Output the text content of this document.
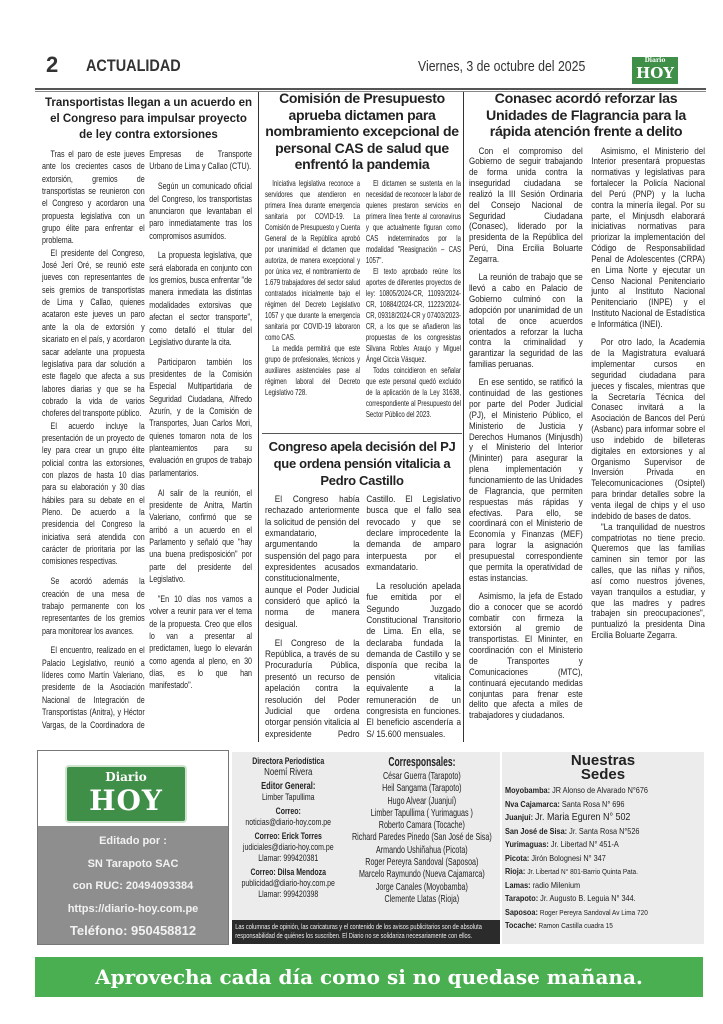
2 ACTUALIDAD	Viernes, 3 de octubre del 2025	Diario
HOY
Transportistas llegan a un acuerdo en el Congreso para impulsar proyecto de ley contra extorsiones

Tras el paro de este jueves ante los crecientes casos de extorsión, gremios de transportistas se reunieron con el Congreso y acordaron una propuesta legislativa con un grupo élite para enfrentar el problema.

El presidente del Congreso, José Jerí Oré, se reunió este jueves con representantes de seis gremios de transportistas de Lima y Callao, quienes acataron este jueves un paro ante la ola de extorsión y sicariato en el país, y acordaron sacar adelante una propuesta legislativa para dar solución a este flagelo que afecta a sus labores diarias y que se ha cobrado la vida de varios choferes del transporte público.

El acuerdo incluye la presentación de un proyecto de ley para crear un grupo élite policial contra las extorsiones, con plazos de hasta 10 días para su elaboración y 30 días hábiles para su debate en el Pleno. De acuerdo a la presidencia del Congreso la iniciativa será atendida con carácter de prioritaria por las comisiones respectivas.

Se acordó además la creación de una mesa de trabajo permanente con los representantes de los gremios para monitorear los avances.

El encuentro, realizado en el Palacio Legislativo, reunió a líderes como Martín Valeriano, presidente de la Asociación Nacional de Integración de Transportistas (Anitra), y Héctor Vargas, de la Coordinadora de Empresas de Transporte Urbano de Lima y Callao (CTU).

Según un comunicado oficial del Congreso, los transportistas anunciaron que levantaban el paro inmediatamente tras los compromisos asumidos.

La propuesta legislativa, que será elaborada en conjunto con los gremios, busca enfrentar "de manera inmediata las distintas modalidades extorsivas que afectan el sector transporte", como detalló el titular del Legislativo durante la cita.

Participaron también los presidentes de la Comisión Especial Multipartidaria de Seguridad Ciudadana, Alfredo Azurín, y de la Comisión de Transportes, Juan Carlos Mori, quienes tomaron nota de los planteamientos para su evaluación en grupos de trabajo parlamentarios.

Al salir de la reunión, el presidente de Anitra, Martín Valeriano, confirmó que se arribó a un acuerdo en el Parlamento y señaló que "hay una buena predisposición" por parte del presidente del Legislativo.

"En 10 días nos vamos a volver a reunir para ver el tema de la propuesta. Creo que ellos lo van a presentar al predictamen, luego lo elevarán como agenda al pleno, en 30 días, es lo que han manifestado".

Comisión de Presupuesto aprueba dictamen para nombramiento excepcional de personal CAS de salud que enfrentó la pandemia

Iniciativa legislativa reconoce a servidores que atendieron en primera línea durante emergencia sanitaria por COVID-19. La Comisión de Presupuesto y Cuenta General de la República aprobó por unanimidad el dictamen que autoriza, de manera excepcional y por única vez, el nombramiento de 1.679 trabajadores del sector salud contratados inicialmente bajo el régimen del Decreto Legislativo 1057 y que durante la emergencia sanitaria por COVID-19 laboraron como CAS.

La medida permitirá que este grupo de profesionales, técnicos y auxiliares asistenciales pase al régimen laboral del Decreto Legislativo 728.

El dictamen se sustenta en la necesidad de reconocer la labor de quienes prestaron servicios en primera línea frente al coronavirus y que actualmente figuran como CAS indeterminados por la modalidad "Reasignación – CAS 1057".

El texto aprobado reúne los aportes de diferentes proyectos de ley: 10805/2024-CR, 11093/2024-CR, 10884/2024-CR, 11223/2024-CR, 09318/2024-CR y 07403/2023-CR, a los que se añadieron las propuestas de los congresistas Silvana Robles Araujo y Miguel Ángel Ciccia Vásquez.

Todos coincidieron en señalar que este personal quedó excluido de la aplicación de la Ley 31638, correspondiente al Presupuesto del Sector Público del 2023.

Congreso apela decisión del PJ que ordena pensión vitalicia a Pedro Castillo

El Congreso había rechazado anteriormente la solicitud de pensión del exmandatario, argumentando la suspensión del pago para expresidentes acusados constitucionalmente, aunque el Poder Judicial consideró que aplicó la norma de manera desigual.

El Congreso de la República, a través de su Procuraduría Pública, presentó un recurso de apelación contra la resolución del Poder Judicial que ordena otorgar pensión vitalicia al expresidente Pedro Castillo. El Legislativo busca que el fallo sea revocado y que se declare improcedente la demanda de amparo interpuesta por el exmandatario.

La resolución apelada fue emitida por el Segundo Juzgado Constitucional Transitorio de Lima. En ella, se declaraba fundada la demanda de Castillo y se disponía que reciba la pensión vitalicia equivalente a la remuneración de un congresista en funciones. El beneficio ascendería a S/ 15.600 mensuales.

Conasec acordó reforzar las Unidades de Flagrancia para la rápida atención frente a delito

Con el compromiso del Gobierno de seguir trabajando de forma unida contra la inseguridad ciudadana se realizó la III Sesión Ordinaria del Consejo Nacional de Seguridad Ciudadana (Conasec), liderado por la presidenta de la República del Perú, Dina Ercilia Boluarte Zegarra.

La reunión de trabajo que se llevó a cabo en Palacio de Gobierno culminó con la adopción por unanimidad de un total de once acuerdos orientados a reforzar la lucha contra la criminalidad y garantizar la seguridad de las familias peruanas.

En ese sentido, se ratificó la continuidad de las gestiones por parte del Poder Judicial (PJ), el Ministerio Público, el Ministerio de Justicia y Derechos Humanos (Minjusdh) y el Ministerio del Interior (Mininter) para asegurar la plena implementación y funcionamiento de las Unidades de Flagrancia, que permiten respuestas más rápidas y efectivas. Para ello, se coordinará con el Ministerio de Economía y Finanzas (MEF) para lograr la asignación presupuestal correspondiente que permita la operatividad de estas instancias.

Asimismo, la jefa de Estado dio a conocer que se acordó combatir con firmeza la extorsión al gremio de transportistas. El Mininter, en coordinación con el Ministerio de Transportes y Comunicaciones (MTC), continuará ejecutando medidas conjuntas para frenar este delito que afecta a miles de trabajadores y ciudadanos.

Asimismo, el Ministerio del Interior presentará propuestas normativas y legislativas para fortalecer la Policía Nacional del Perú (PNP) y la lucha contra la minería ilegal. Por su parte, el Minjusdh elaborará iniciativas normativas para priorizar la implementación del Código de Responsabilidad Penal de Adolescentes (CRPA) en Lima Norte y ejecutar un Censo Nacional Penitenciario junto al Instituto Nacional Penitenciario (INPE) y el Instituto Nacional de Estadística e Informática (INEI).

Por otro lado, la Academia de la Magistratura evaluará implementar cursos en seguridad ciudadana para jueces y fiscales, mientras que la Secretaría Técnica del Conasec invitará a la Asociación de Bancos del Perú (Asbanc) para informar sobre el uso indebido de billeteras digitales en extorsiones y al Organismo Supervisor de Inversión Privada en Telecomunicaciones (Osiptel) para brindar detalles sobre la venta ilegal de chips y el uso indebido de bases de datos.

"La tranquilidad de nuestros compatriotas no tiene precio. Queremos que las familias caminen sin temor por las calles, que las niñas y niños, así como nuestros jóvenes, vayan tranquilos a estudiar, y que las madres y padres trabajen sin preocupaciones", puntualizó la presidenta Dina Ercilia Boluarte Zegarra.

Diario
HOY
Editado por :
SN Tarapoto SAC
con RUC: 20494093384
https://diario-hoy.com.pe
Teléfono: 950458812
Directora Periodística
Noemí Rivera
Editor General:
Limber Tapullima
Correo:
noticias@diario-hoy.com.pe
Correo: Erick Torres
judiciales@diario-hoy.com.pe
Llamar: 999420381
Correo: Dilsa Mendoza
publicidad@diario-hoy.com.pe
Llamar: 999420398
Corresponsales:
César Guerra (Tarapoto)
Heil Sangama (Tarapoto)
Hugo Alvear (Juanjuí)
Limber Tapullima ( Yurimaguas )
Roberto Camara (Tocache)
Richard Paredes Pinedo (San José de Sisa)
Armando Ushiñahua (Picota)
Roger Pereyra Sandoval (Saposoa)
Marcelo Raymundo (Nueva Cajamarca)
Jorge Canales (Moyobamba)
Clemente Llatas (Rioja)
Las columnas de opinión, las caricaturas y el contenido de los avisos publicitarios son de absoluta responsabilidad de quiénes los suscriben. El Diario no se solidariza necesariamente con ellos.
Nuestras
Sedes
Moyobamba: JR Alonso de Alvarado N°676
Nva Cajamarca: Santa Rosa N° 696
Juanjuí: Jr. Maria Eguren N° 502
San José de Sisa: Jr. Santa Rosa N°526
Yurimaguas: Jr. Libertad N° 451-A
Picota: Jirón Bolognesi N° 347
Rioja: Jr. Libertad N° 801-Barrio Quinta Pata.
Lamas: radio Milenium
Tarapoto: Jr. Augusto B. Leguia N° 344.
Saposoa: Roger Pereyra Sandoval Av Lima 720
Tocache: Ramon Castilla cuadra 15
Aprovecha cada día como si no quedase mañana.
